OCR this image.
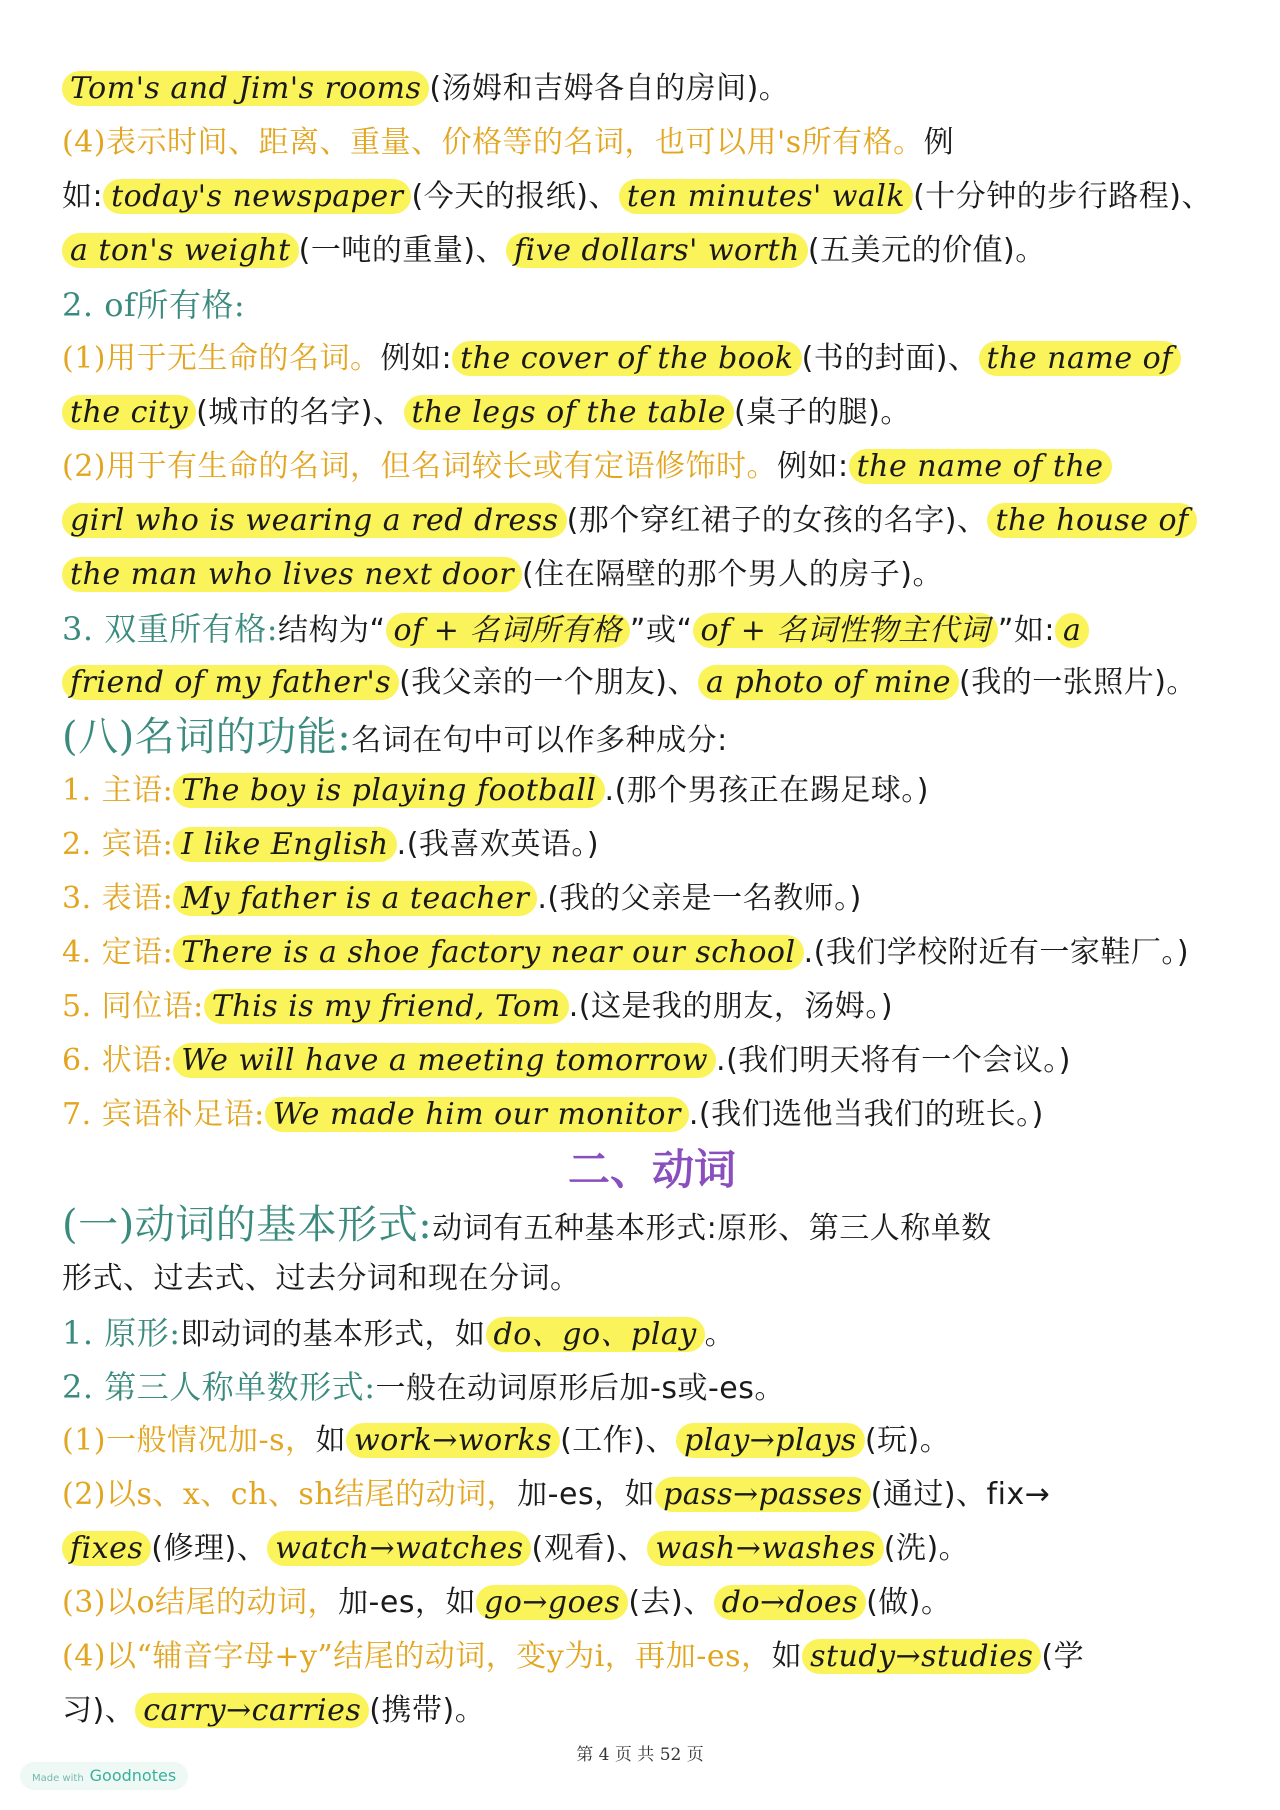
Tom's and Jim's rooms (汤姆和吉姆各自的房间)。
(4)表示时间、距离、重量、价格等的名词，也可以用's所有格。例
如: today's newspaper (今天的报纸)、 ten minutes' walk (十分钟的步行路程)、
a ton's weight (一吨的重量)、 five dollars' worth (五美元的价值)。
2. of所有格:
(1)用于无生命的名词。例如: the cover of the book (书的封面)、 the name of
the city (城市的名字)、 the legs of the table (桌子的腿)。
(2)用于有生命的名词，但名词较长或有定语修饰时。例如: the name of the
girl who is wearing a red dress (那个穿红裙子的女孩的名字)、 the house of
the man who lives next door (住在隔壁的那个男人的房子)。
3. 双重所有格:结构为“ of + 名词所有格 ”或“ of + 名词性物主代词 ”如: a
friend of my father's (我父亲的一个朋友)、 a photo of mine (我的一张照片)。
(八)名词的功能:名词在句中可以作多种成分:
1. 主语: The boy is playing football .(那个男孩正在踢足球。)
2. 宾语: I like English .(我喜欢英语。)
3. 表语: My father is a teacher .(我的父亲是一名教师。)
4. 定语: There is a shoe factory near our school .(我们学校附近有一家鞋厂。)
5. 同位语: This is my friend, Tom .(这是我的朋友，汤姆。)
6. 状语: We will have a meeting tomorrow .(我们明天将有一个会议。)
7. 宾语补足语: We made him our monitor .(我们选他当我们的班长。)
二、动词
(一)动词的基本形式:动词有五种基本形式:原形、第三人称单数
形式、过去式、过去分词和现在分词。
1. 原形:即动词的基本形式，如 do、go、play 。
2. 第三人称单数形式:一般在动词原形后加-s或-es。
(1)一般情况加-s，如 work→works (工作)、 play→plays (玩)。
(2)以s、x、ch、sh结尾的动词，加-es，如 pass→passes (通过)、fix→
fixes (修理)、 watch→watches (观看)、 wash→washes (洗)。
(3)以o结尾的动词，加-es，如 go→goes (去)、 do→does (做)。
(4)以“辅音字母+y”结尾的动词，变y为i，再加-es，如 study→studies (学
习)、 carry→carries (携带)。
第 4 页 共 52 页
Made with Goodnotes
